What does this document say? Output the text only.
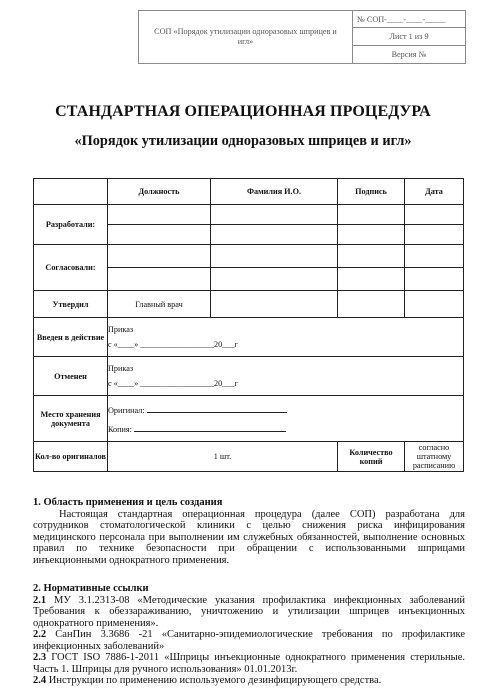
СОП «Порядок утилизации одноразовых шприцев и игл»
№ СОП-____-____-_____
Лист 1 из 9
Версия №
СТАНДАРТНАЯ ОПЕРАЦИОННАЯ ПРОЦЕДУРА
«Порядок утилизации одноразовых шприцев и игл»
	Должность	Фамилия И.О.	Подпись	Дата
Разработали:				

Согласовали:				

Утвердил	Главный врач			
Введен в действие	Приказ
с «____» __________________20___г			

Отменен	Приказ
с «____» __________________20___г			

Место хранения документа	Оригинал:
Копия:			

Кол-во оригиналов	1 шт.		Количество копий	согласно штатному расписанию
1. Область применения и цель создания
Настоящая стандартная операционная процедура (далее СОП) разработана для сотрудников стоматологической клиники с целью снижения риска инфицирования медицинского персонала при выполнении им служебных обязанностей, выполнение основных правил по технике безопасности при обращении с использованными шприцами инъекционными однократного применения.
2. Нормативные ссылки
2.1 МУ 3.1.2313-08 «Методические указания профилактика инфекционных заболеваний Требования к обеззараживанию, уничтожению и утилизации шприцев инъекционных однократного применения».
2.2 СанПин 3.3686 -21 «Санитарно-эпидемиологические требования по профилактике инфекционных заболеваний»
2.3 ГОСТ ISO 7886-1-2011 «Шприцы инъекционные однократного применения стерильные. Часть 1. Шприцы для ручного использования» 01.01.2013г.
2.4 Инструкции по применению используемого дезинфицирующего средства.
